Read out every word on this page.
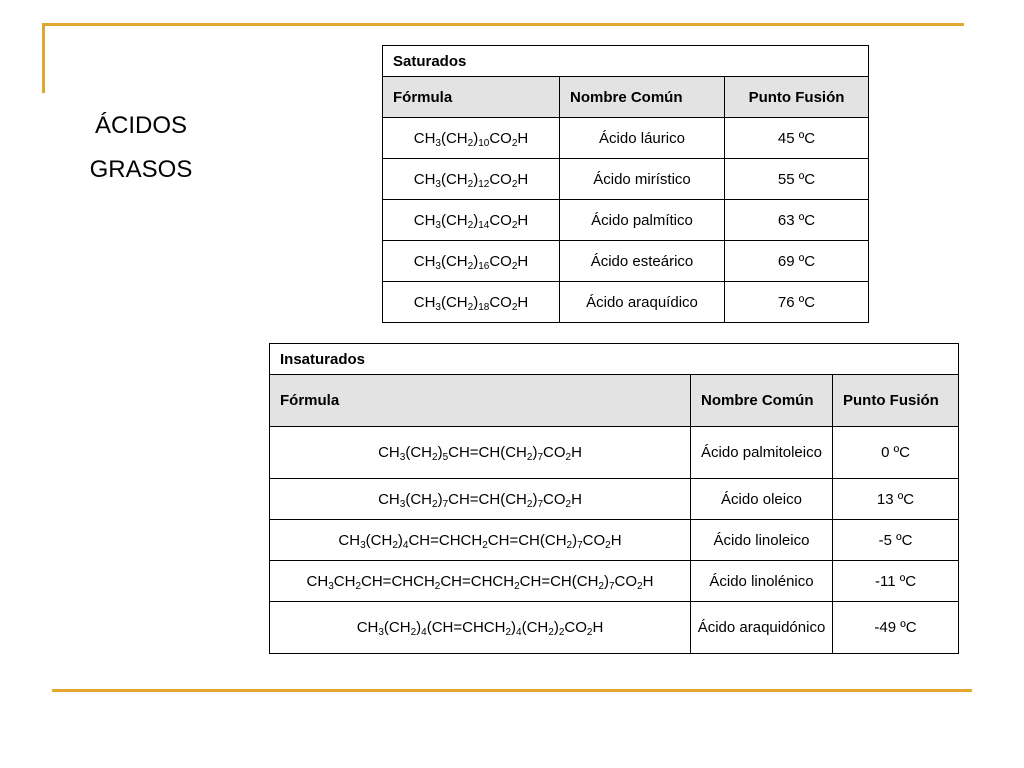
ÁCIDOS
GRASOS
Saturados		
Fórmula	Nombre Común	Punto Fusión
$CH_3(CH_2)_{10}CO_2H$	Ácido láurico	45 ºC
$CH_3(CH_2)_{12}CO_2H$	Ácido mirístico	55 ºC
$CH_3(CH_2)_{14}CO_2H$	Ácido palmítico	63 ºC
$CH_3(CH_2)_{16}CO_2H$	Ácido esteárico	69 ºC
$CH_3(CH_2)_{18}CO_2H$	Ácido araquídico	76 ºC
Insaturados		
Fórmula	Nombre Común	Punto Fusión
$CH_3(CH_2)_5CH=CH(CH_2)_7CO_2H$	Ácido palmitoleico	0 ºC
$CH_3(CH_2)_7CH=CH(CH_2)_7CO_2H$	Ácido oleico	13 ºC
$CH_3(CH_2)_4CH=CHCH_2CH=CH(CH_2)_7CO_2H$	Ácido linoleico	-5 ºC
$CH_3CH_2CH=CHCH_2CH=CHCH_2CH=CH(CH_2)_7CO_2H$	Ácido linolénico	-11 ºC
$CH_3(CH_2)_4(CH=CHCH_2)_4(CH_2)_2CO_2H$	Ácido araquidónico	-49 ºC
